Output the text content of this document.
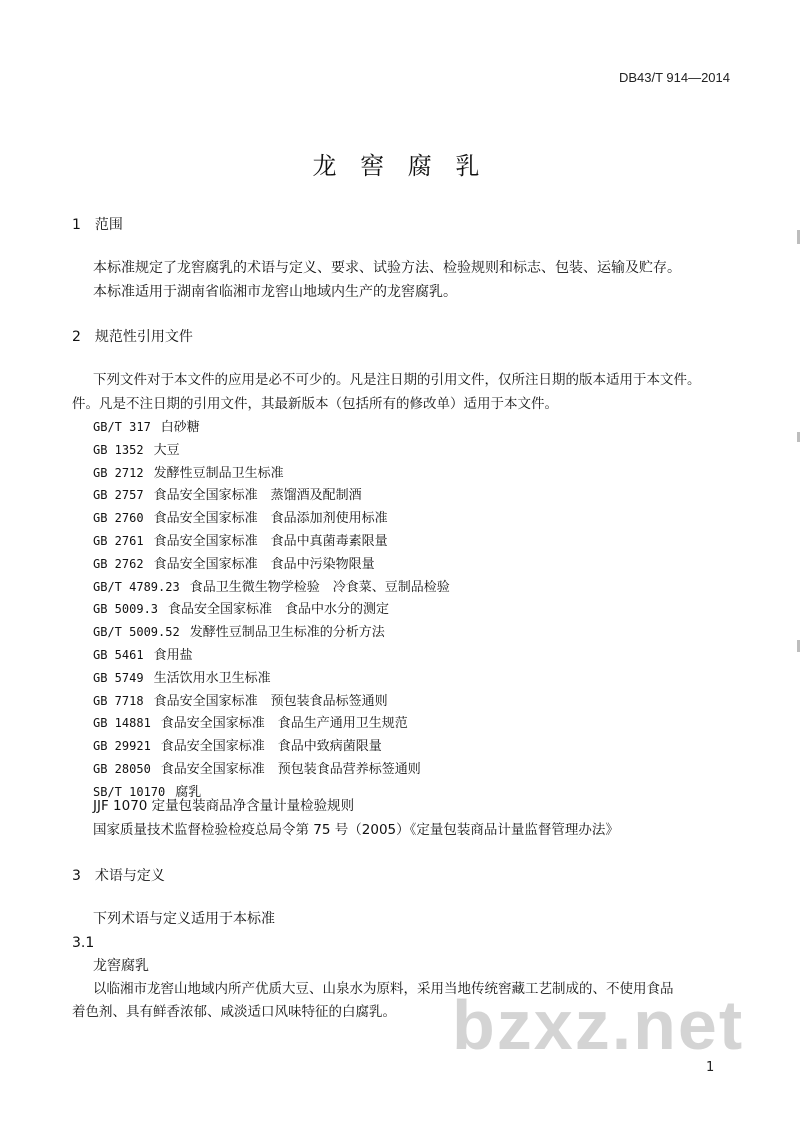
DB43/T 914—2014
龙 窖 腐 乳
1　范围
本标准规定了龙窖腐乳的术语与定义、要求、试验方法、检验规则和标志、包装、运输及贮存。
本标准适用于湖南省临湘市龙窖山地域内生产的龙窖腐乳。
2　规范性引用文件
下列文件对于本文件的应用是必不可少的。凡是注日期的引用文件，仅所注日期的版本适用于本文件。
件。凡是不注日期的引用文件，其最新版本（包括所有的修改单）适用于本文件。
GB/T 317 白砂糖
GB 1352 大豆
GB 2712 发酵性豆制品卫生标准
GB 2757 食品安全国家标准　蒸馏酒及配制酒
GB 2760 食品安全国家标准　食品添加剂使用标准
GB 2761 食品安全国家标准　食品中真菌毒素限量
GB 2762 食品安全国家标准　食品中污染物限量
GB/T 4789.23 食品卫生微生物学检验　冷食菜、豆制品检验
GB 5009.3 食品安全国家标准　食品中水分的测定
GB/T 5009.52 发酵性豆制品卫生标准的分析方法
GB 5461 食用盐
GB 5749 生活饮用水卫生标准
GB 7718 食品安全国家标准　预包装食品标签通则
GB 14881 食品安全国家标准　食品生产通用卫生规范
GB 29921 食品安全国家标准　食品中致病菌限量
GB 28050 食品安全国家标准　预包装食品营养标签通则
SB/T 10170 腐乳
JJF 1070 定量包装商品净含量计量检验规则
国家质量技术监督检验检疫总局令第 75 号（2005）《定量包装商品计量监督管理办法》
3　术语与定义
下列术语与定义适用于本标准
3.1
龙窖腐乳
以临湘市龙窖山地域内所产优质大豆、山泉水为原料，采用当地传统窖藏工艺制成的、不使用食品
着色剂、具有鲜香浓郁、咸淡适口风味特征的白腐乳。 bzxz.net
1
